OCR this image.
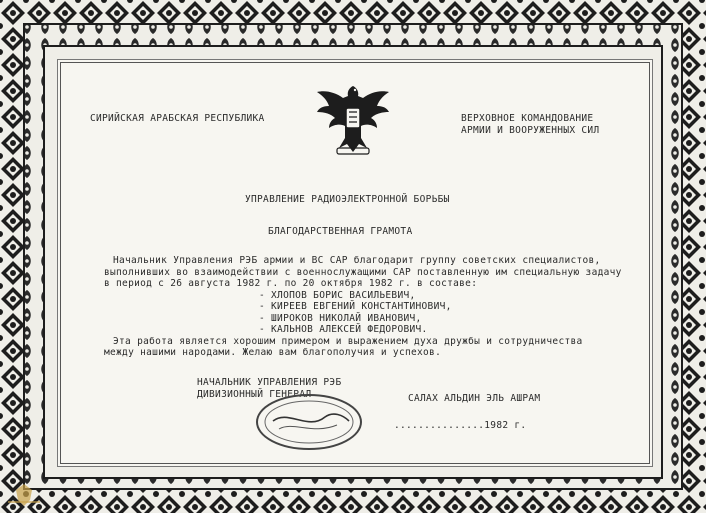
СИРИЙСКАЯ АРАБСКАЯ РЕСПУБЛИКА	ВЕРХОВНОЕ КОМАНДОВАНИЕ
АРМИИ И ВООРУЖЕННЫХ СИЛ
УПРАВЛЕНИЕ РАДИОЭЛЕКТРОННОЙ БОРЬБЫ
БЛАГОДАРСТВЕННАЯ ГРАМОТА
Начальник Управления РЭБ армии и ВС САР благодарит группу советских специалистов,
выполнивших во взаимодействии с военнослужащими САР поставленную им специальную задачу
в период с 26 августа 1982 г. по 20 октября 1982 г. в составе:
- ХЛОПОВ БОРИС ВАСИЛЬЕВИЧ,
- КИРЕЕВ ЕВГЕНИЙ КОНСТАНТИНОВИЧ,
- ШИРОКОВ НИКОЛАЙ ИВАНОВИЧ,
- КАЛЬНОВ АЛЕКСЕЙ ФЕДОРОВИЧ.
Эта работа является хорошим примером и выражением духа дружбы и сотрудничества
между нашими народами. Желаю вам благополучия и успехов.
НАЧАЛЬНИК УПРАВЛЕНИЯ РЭБ
ДИВИЗИОННЫЙ ГЕНЕРАЛ	САЛАХ АЛЬДИН ЭЛЬ АШРАМ
...............1982 г.
